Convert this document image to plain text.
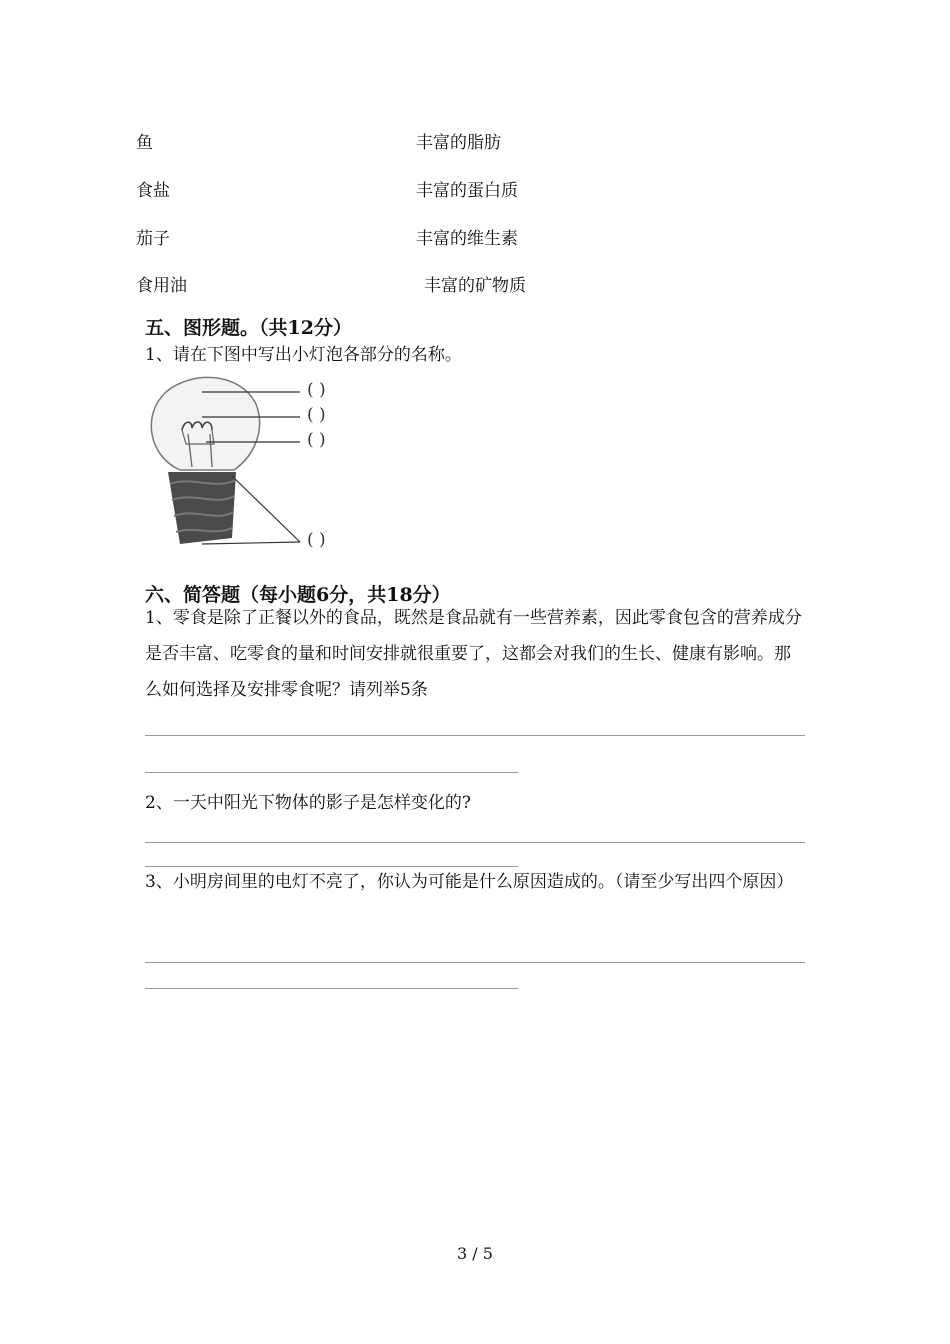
鱼	丰富的脂肪
食盐	丰富的蛋白质
茄子	丰富的维生素
食用油	丰富的矿物质
五、图形题。（共12分）
1、请在下图中写出小灯泡各部分的名称。
( )
( )
( )
( )
六、简答题（每小题6分，共18分）
1、零食是除了正餐以外的食品，既然是食品就有一些营养素，因此零食包含的营养成分是否丰富、吃零食的量和时间安排就很重要了，这都会对我们的生长、健康有影响。那么如何选择及安排零食呢？请列举5条
2、一天中阳光下物体的影子是怎样变化的?
3、小明房间里的电灯不亮了，你认为可能是什么原因造成的。（请至少写出四个原因）
3 / 5
